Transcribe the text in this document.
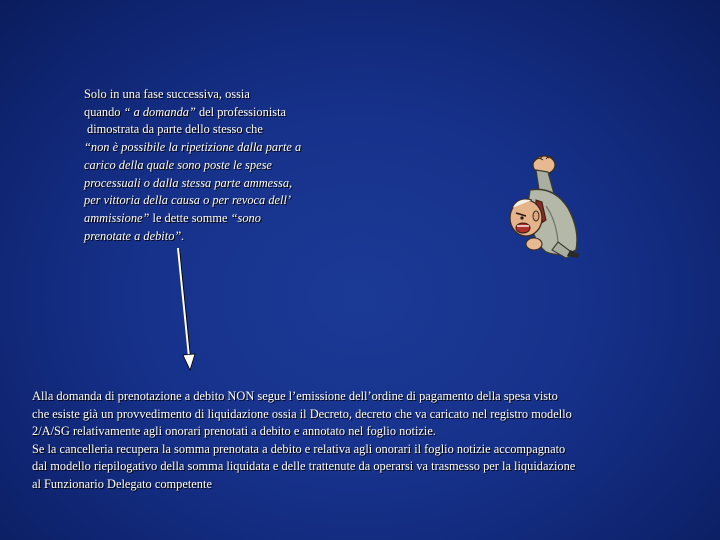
Solo in una fase successiva, ossia
quando “ a domanda” del professionista
dimostrata da parte dello stesso che
“non è possibile la ripetizione dalla parte a
carico della quale sono poste le spese
processuali o dalla stessa parte ammessa,
per vittoria della causa o per revoca dell’
ammissione” le dette somme “sono
prenotate a debito”.
Alla domanda di prenotazione a debito NON segue l’emissione dell’ordine di pagamento della spesa visto
che esiste già un provvedimento di liquidazione ossia il Decreto, decreto che va caricato nel registro modello
2/A/SG relativamente agli onorari prenotati a debito e annotato nel foglio notizie.
Se la cancelleria recupera la somma prenotata a debito e relativa agli onorari il foglio notizie accompagnato
dal modello riepilogativo della somma liquidata e delle trattenute da operarsi va trasmesso per la liquidazione
al Funzionario Delegato competente
